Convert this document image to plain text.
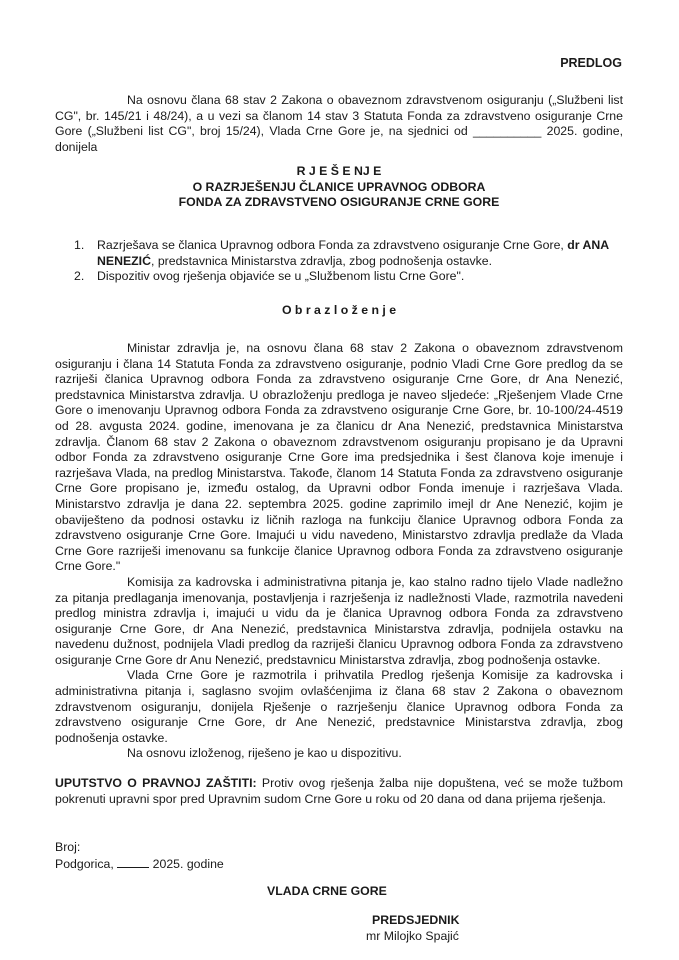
PREDLOG

Na osnovu člana 68 stav 2 Zakona o obaveznom zdravstvenom osiguranju („Službeni list CG", br. 145/21 i 48/24), a u vezi sa članom 14 stav 3 Statuta Fonda za zdravstveno osiguranje Crne Gore („Službeni list CG", broj 15/24), Vlada Crne Gore je, na sjednici od __________ 2025. godine, donijela

R J E Š E NJ E
O RAZRJEŠENJU ČLANICE UPRAVNOG ODBORA
FONDA ZA ZDRAVSTVENO OSIGURANJE CRNE GORE
1. Razrješava se članica Upravnog odbora Fonda za zdravstveno osiguranje Crne Gore, dr ANA NENEZIĆ, predstavnica Ministarstva zdravlja, zbog podnošenja ostavke.
2. Dispozitiv ovog rješenja objaviće se u „Službenom listu Crne Gore".
O b r a z l o ž e n j e

Ministar zdravlja je, na osnovu člana 68 stav 2 Zakona o obaveznom zdravstvenom osiguranju i člana 14 Statuta Fonda za zdravstveno osiguranje, podnio Vladi Crne Gore predlog da se razriješi članica Upravnog odbora Fonda za zdravstveno osiguranje Crne Gore, dr Ana Nenezić, predstavnica Ministarstva zdravlja. U obrazloženju predloga je naveo sljedeće: „Rješenjem Vlade Crne Gore o imenovanju Upravnog odbora Fonda za zdravstveno osiguranje Crne Gore, br. 10-100/24-4519 od 28. avgusta 2024. godine, imenovana je za članicu dr Ana Nenezić, predstavnica Ministarstva zdravlja. Članom 68 stav 2 Zakona o obaveznom zdravstvenom osiguranju propisano je da Upravni odbor Fonda za zdravstveno osiguranje Crne Gore ima predsjednika i šest članova koje imenuje i razrješava Vlada, na predlog Ministarstva. Takođe, članom 14 Statuta Fonda za zdravstveno osiguranje Crne Gore propisano je, između ostalog, da Upravni odbor Fonda imenuje i razrješava Vlada. Ministarstvo zdravlja je dana 22. septembra 2025. godine zaprimilo imejl dr Ane Nenezić, kojim je obaviješteno da podnosi ostavku iz ličnih razloga na funkciju članice Upravnog odbora Fonda za zdravstveno osiguranje Crne Gore. Imajući u vidu navedeno, Ministarstvo zdravlja predlaže da Vlada Crne Gore razriješi imenovanu sa funkcije članice Upravnog odbora Fonda za zdravstveno osiguranje Crne Gore."

Komisija za kadrovska i administrativna pitanja je, kao stalno radno tijelo Vlade nadležno za pitanja predlaganja imenovanja, postavljenja i razrješenja iz nadležnosti Vlade, razmotrila navedeni predlog ministra zdravlja i, imajući u vidu da je članica Upravnog odbora Fonda za zdravstveno osiguranje Crne Gore, dr Ana Nenezić, predstavnica Ministarstva zdravlja, podnijela ostavku na navedenu dužnost, podnijela Vladi predlog da razriješi članicu Upravnog odbora Fonda za zdravstveno osiguranje Crne Gore dr Anu Nenezić, predstavnicu Ministarstva zdravlja, zbog podnošenja ostavke.

Vlada Crne Gore je razmotrila i prihvatila Predlog rješenja Komisije za kadrovska i administrativna pitanja i, saglasno svojim ovlašćenjima iz člana 68 stav 2 Zakona o obaveznom zdravstvenom osiguranju, donijela Rješenje o razrješenju članice Upravnog odbora Fonda za zdravstveno osiguranje Crne Gore, dr Ane Nenezić, predstavnice Ministarstva zdravlja, zbog podnošenja ostavke.

Na osnovu izloženog, riješeno je kao u dispozitivu.

UPUTSTVO O PRAVNOJ ZAŠTITI: Protiv ovog rješenja žalba nije dopuštena, već se može tužbom pokrenuti upravni spor pred Upravnim sudom Crne Gore u roku od 20 dana od dana prijema rješenja.

Broj:
Podgorica,	2025. godine
VLADA CRNE GORE
PREDSJEDNIK
mr Milojko Spajić
